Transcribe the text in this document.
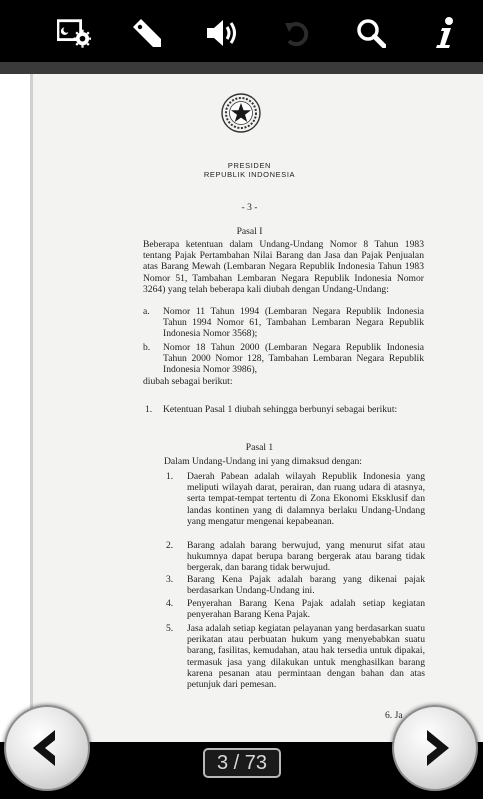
PRESIDEN
REPUBLIK INDONESIA
- 3 -
Pasal I
Beberapa ketentuan dalam Undang-Undang Nomor 8 Tahun 1983 tentang Pajak Pertambahan Nilai Barang dan Jasa dan Pajak Penjualan atas Barang Mewah (Lembaran Negara Republik Indonesia Tahun 1983 Nomor 51, Tambahan Lembaran Negara Republik Indonesia Nomor 3264) yang telah beberapa kali diubah dengan Undang-Undang:
a. Nomor 11 Tahun 1994 (Lembaran Negara Republik Indonesia Tahun 1994 Nomor 61, Tambahan Lembaran Negara Republik Indonesia Nomor 3568);
b. Nomor 18 Tahun 2000 (Lembaran Negara Republik Indonesia Tahun 2000 Nomor 128, Tambahan Lembaran Negara Republik Indonesia Nomor 3986),
diubah sebagai berikut:
1. Ketentuan Pasal 1 diubah sehingga berbunyi sebagai berikut:
Pasal 1
Dalam Undang-Undang ini yang dimaksud dengan:
1. Daerah Pabean adalah wilayah Republik Indonesia yang meliputi wilayah darat, perairan, dan ruang udara di atasnya, serta tempat-tempat tertentu di Zona Ekonomi Eksklusif dan landas kontinen yang di dalamnya berlaku Undang-Undang yang mengatur mengenai kepabeanan.
2. Barang adalah barang berwujud, yang menurut sifat atau hukumnya dapat berupa barang bergerak atau barang tidak bergerak, dan barang tidak berwujud.
3. Barang Kena Pajak adalah barang yang dikenai pajak berdasarkan Undang-Undang ini.
4. Penyerahan Barang Kena Pajak adalah setiap kegiatan penyerahan Barang Kena Pajak.
5. Jasa adalah setiap kegiatan pelayanan yang berdasarkan suatu perikatan atau perbuatan hukum yang menyebabkan suatu barang, fasilitas, kemudahan, atau hak tersedia untuk dipakai, termasuk jasa yang dilakukan untuk menghasilkan barang karena pesanan atau permintaan dengan bahan dan atas petunjuk dari pemesan.
6. Ja
3 / 73
